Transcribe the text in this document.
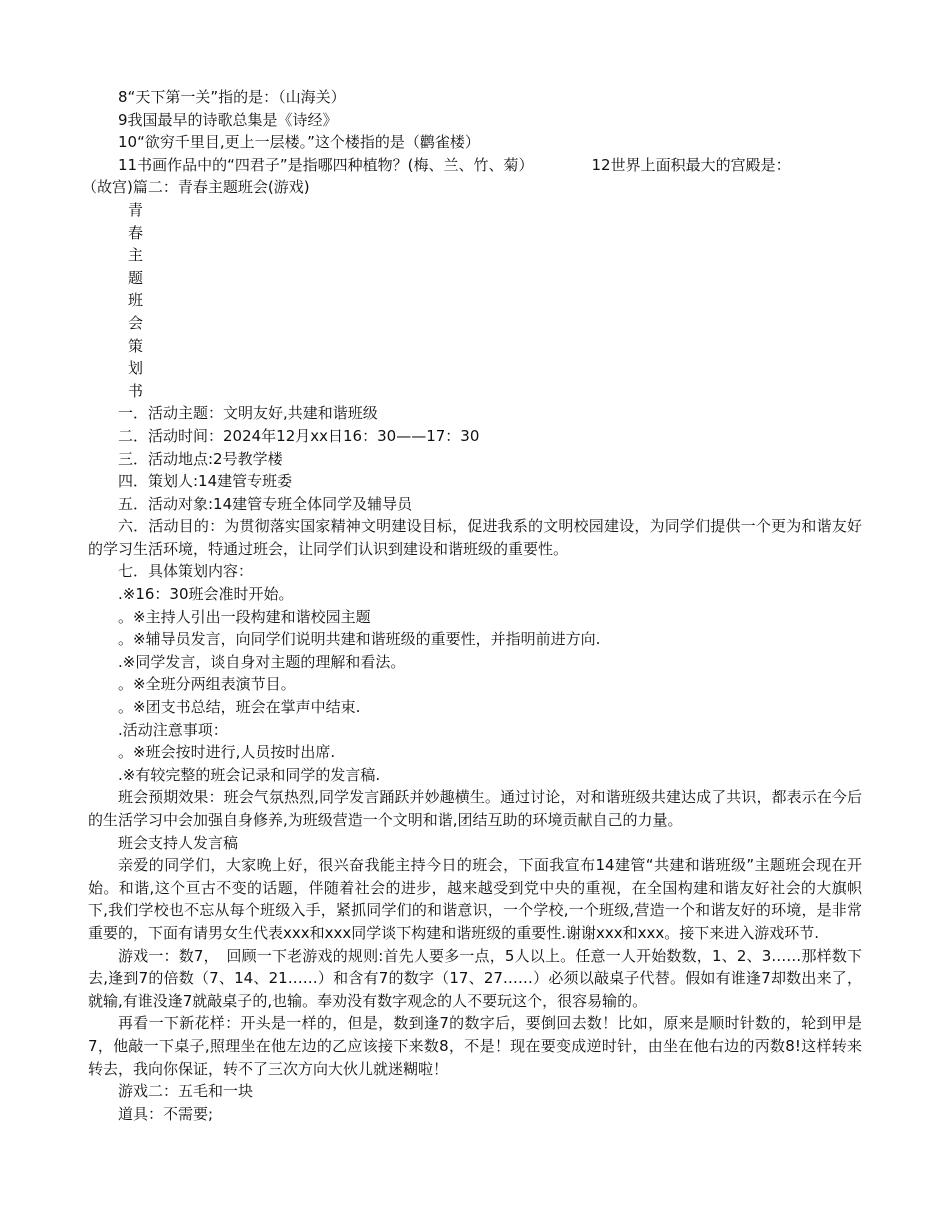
8“天下第一关”指的是：（山海关）

9我国最早的诗歌总集是《诗经》

10“欲穷千里目,更上一层楼。”这个楼指的是（鹳雀楼）

11书画作品中的“四君子”是指哪四种植物？(梅、兰、竹、菊）	12世界上面积最大的宫殿是：

（故宫)篇二：青春主题班会(游戏)

青
春
主
题
班
会
策
划
书

一．活动主题：文明友好,共建和谐班级

二．活动时间：2024年12月xx日16：30——17：30

三．活动地点:2号教学楼

四．策划人:14建管专班委

五．活动对象:14建管专班全体同学及辅导员

六．活动目的：为贯彻落实国家精神文明建设目标，促进我系的文明校园建设，为同学们提供一个更为和谐友好的学习生活环境，特通过班会，让同学们认识到建设和谐班级的重要性。

七．具体策划内容：

.※16：30班会准时开始。

。※主持人引出一段构建和谐校园主题

。※辅导员发言，向同学们说明共建和谐班级的重要性，并指明前进方向.

.※同学发言，谈自身对主题的理解和看法。

。※全班分两组表演节目。

。※团支书总结，班会在掌声中结束.

.活动注意事项：

。※班会按时进行,人员按时出席.

.※有较完整的班会记录和同学的发言稿.

班会预期效果：班会气氛热烈,同学发言踊跃并妙趣横生。通过讨论，对和谐班级共建达成了共识，都表示在今后的生活学习中会加强自身修养,为班级营造一个文明和谐,团结互助的环境贡献自己的力量。

班会支持人发言稿

亲爱的同学们，大家晚上好，很兴奋我能主持今日的班会，下面我宣布14建管“共建和谐班级”主题班会现在开始。和谐,这个亘古不变的话题，伴随着社会的进步，越来越受到党中央的重视，在全国构建和谐友好社会的大旗帜下,我们学校也不忘从每个班级入手，紧抓同学们的和谐意识，一个学校,一个班级,营造一个和谐友好的环境，是非常重要的，下面有请男女生代表xxx和xxx同学谈下构建和谐班级的重要性.谢谢xxx和xxx。接下来进入游戏环节.

游戏一：数7，　回顾一下老游戏的规则:首先人要多一点，5人以上。任意一人开始数数，1、2、3……那样数下去,逢到7的倍数（7、14、21……）和含有7的数字（17、27……）必须以敲桌子代替。假如有谁逢7却数出来了，就输,有谁没逢7就敲桌子的,也输。奉劝没有数字观念的人不要玩这个，很容易输的。

再看一下新花样：开头是一样的，但是，数到逢7的数字后，要倒回去数！比如，原来是顺时针数的，轮到甲是7，他敲一下桌子,照理坐在他左边的乙应该接下来数8，不是！现在要变成逆时针，由坐在他右边的丙数8!这样转来转去，我向你保证，转不了三次方向大伙儿就迷糊啦！

游戏二：五毛和一块

道具：不需要;
